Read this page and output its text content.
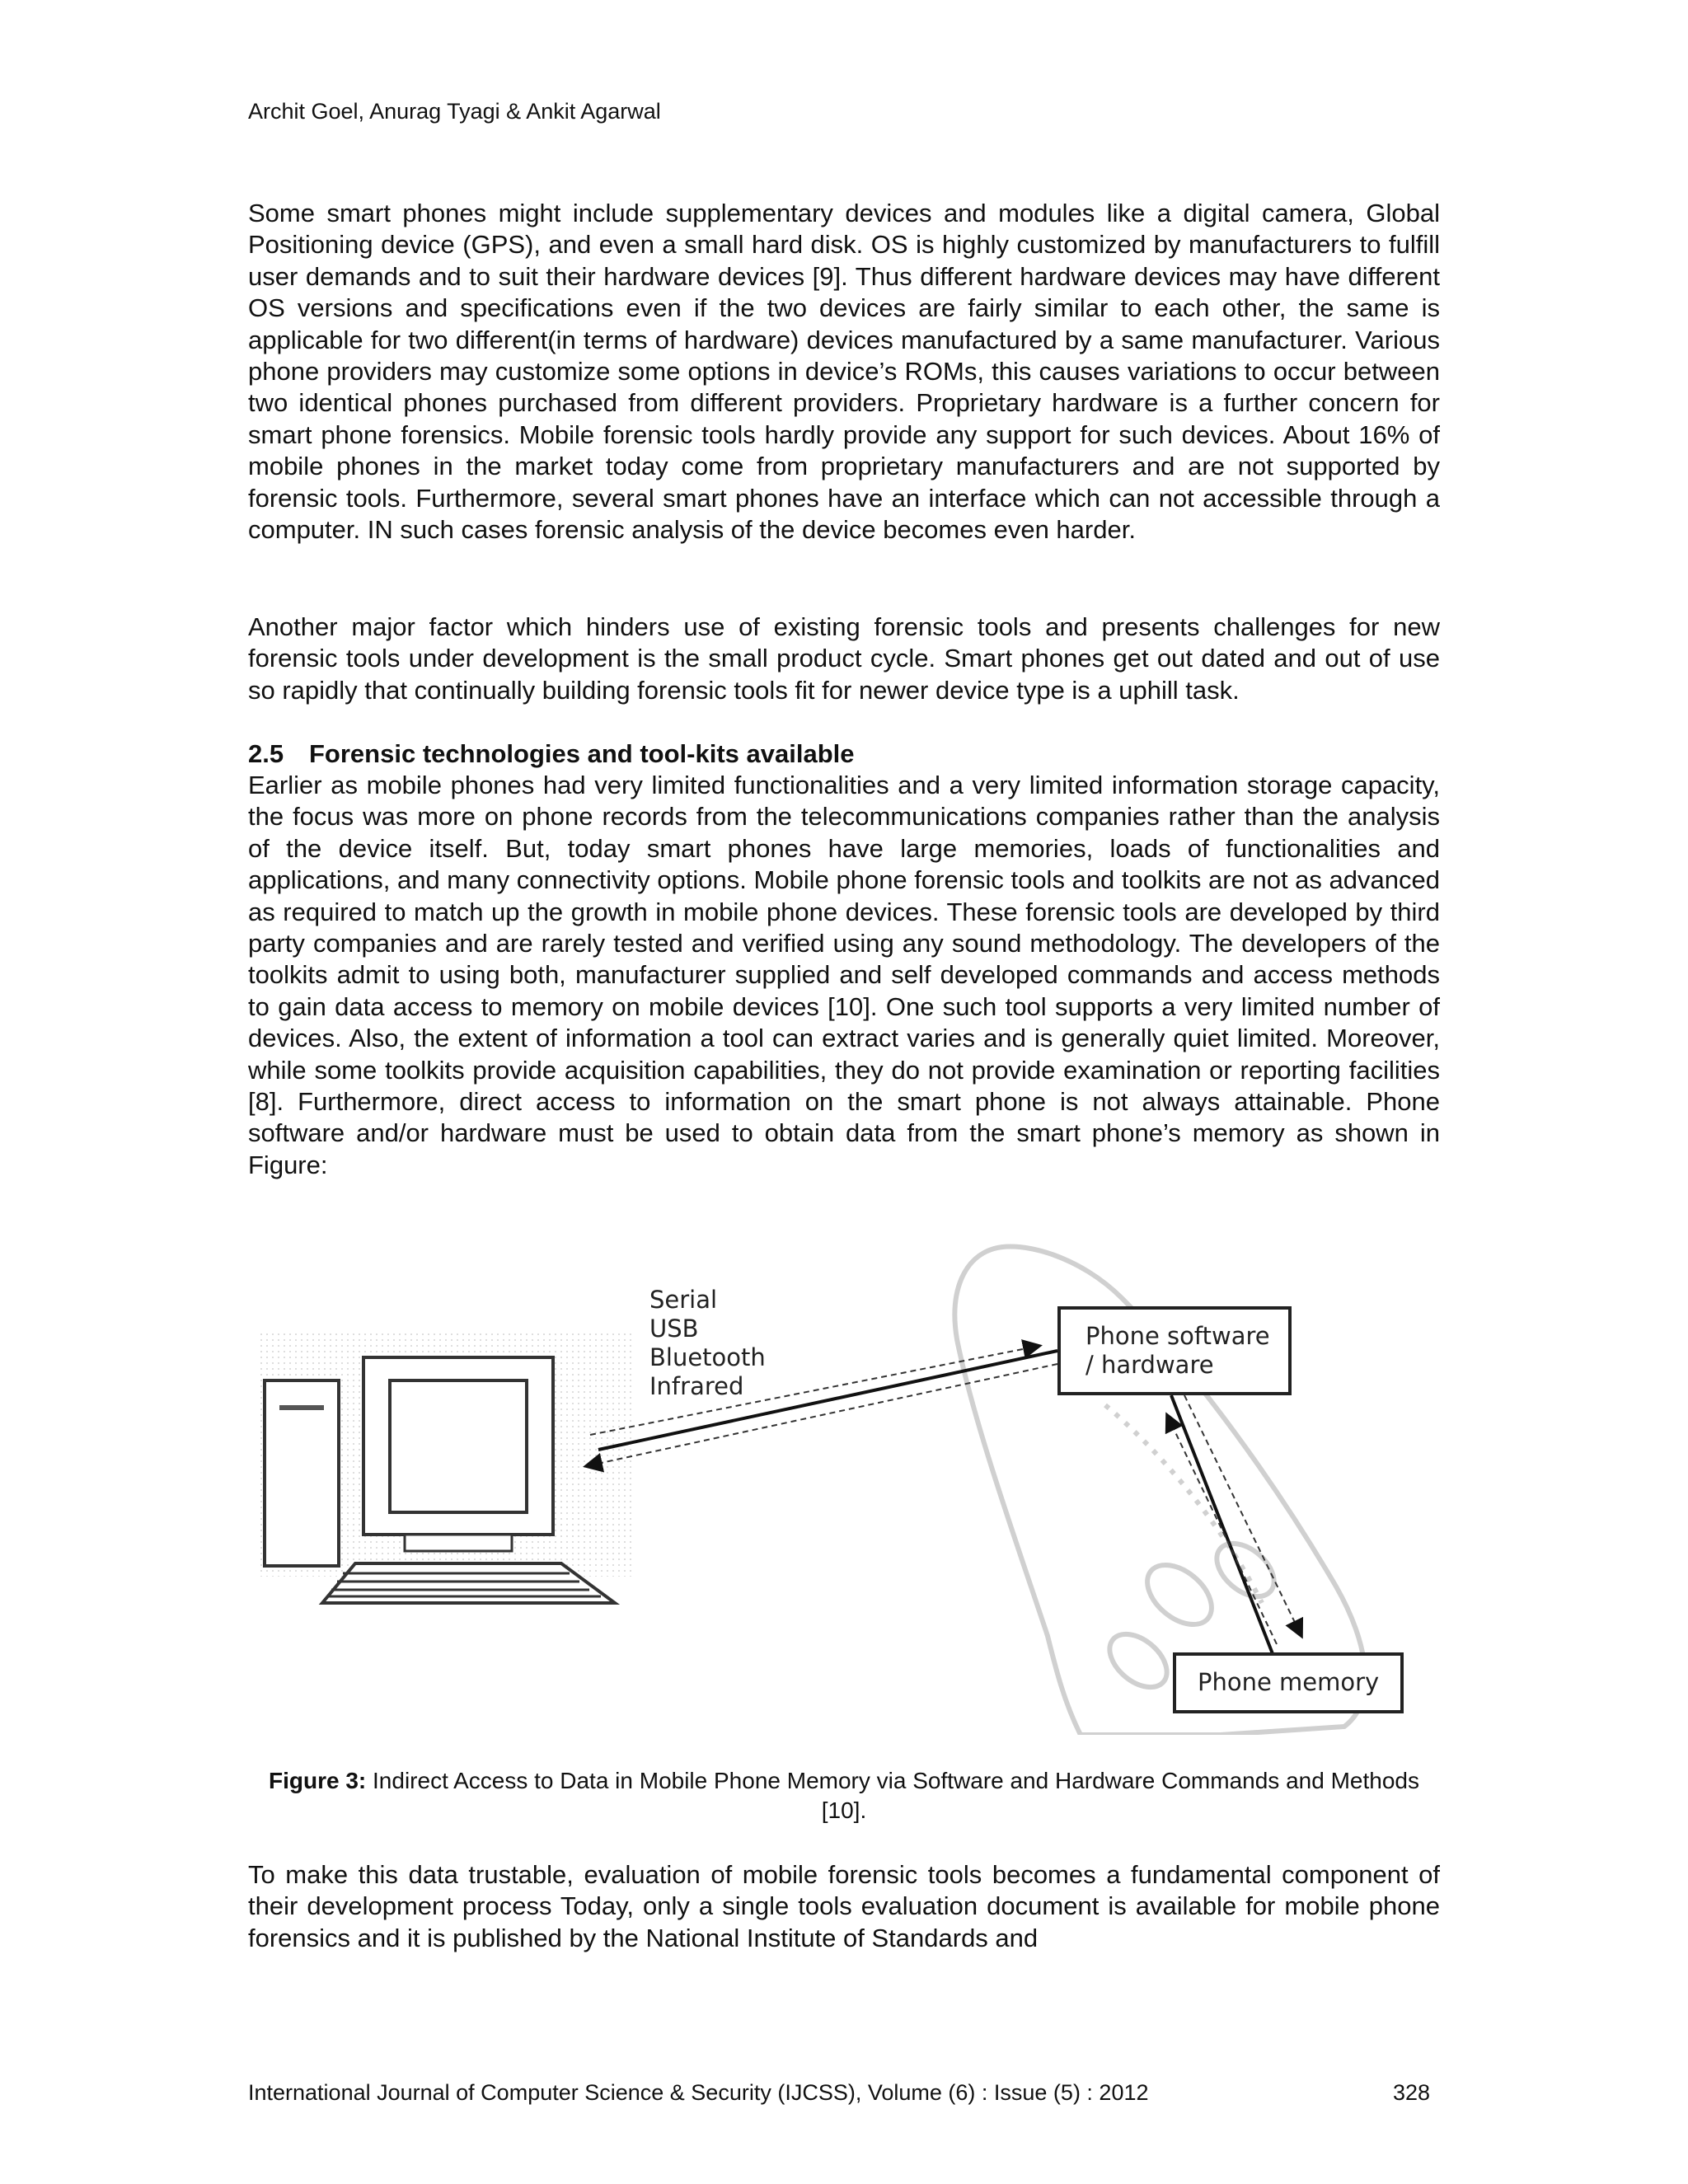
Archit Goel, Anurag Tyagi & Ankit Agarwal

Some smart phones might include supplementary devices and modules like a digital camera, Global Positioning device (GPS), and even a small hard disk. OS is highly customized by manufacturers to fulfill user demands and to suit their hardware devices [9]. Thus different hardware devices may have different OS versions and specifications even if the two devices are fairly similar to each other, the same is applicable for two different(in terms of hardware) devices manufactured by a same manufacturer. Various phone providers may customize some options in device’s ROMs, this causes variations to occur between two identical phones purchased from different providers. Proprietary hardware is a further concern for smart phone forensics. Mobile forensic tools hardly provide any support for such devices. About 16% of mobile phones in the market today come from proprietary manufacturers and are not supported by forensic tools. Furthermore, several smart phones have an interface which can not accessible through a computer. IN such cases forensic analysis of the device becomes even harder.

Another major factor which hinders use of existing forensic tools and presents challenges for new forensic tools under development is the small product cycle. Smart phones get out dated and out of use so rapidly that continually building forensic tools fit for newer device type is a uphill task.

2.5 Forensic technologies and tool-kits available

Earlier as mobile phones had very limited functionalities and a very limited information storage capacity, the focus was more on phone records from the telecommunications companies rather than the analysis of the device itself. But, today smart phones have large memories, loads of functionalities and applications, and many connectivity options. Mobile phone forensic tools and toolkits are not as advanced as required to match up the growth in mobile phone devices. These forensic tools are developed by third party companies and are rarely tested and verified using any sound methodology. The developers of the toolkits admit to using both, manufacturer supplied and self developed commands and access methods to gain data access to memory on mobile devices [10]. One such tool supports a very limited number of devices. Also, the extent of information a tool can extract varies and is generally quiet limited. Moreover, while some toolkits provide acquisition capabilities, they do not provide examination or reporting facilities [8]. Furthermore, direct access to information on the smart phone is not always attainable. Phone software and/or hardware must be used to obtain data from the smart phone’s memory as shown in Figure:

Serial
USB
Bluetooth
Infrared
Phone software
/ hardware
Phone memory
Figure 3: Indirect Access to Data in Mobile Phone Memory via Software and Hardware Commands and Methods [10].

To make this data trustable, evaluation of mobile forensic tools becomes a fundamental component of their development process Today, only a single tools evaluation document is available for mobile phone forensics and it is published by the National Institute of Standards and

International Journal of Computer Science & Security (IJCSS), Volume (6) : Issue (5) : 2012	328
